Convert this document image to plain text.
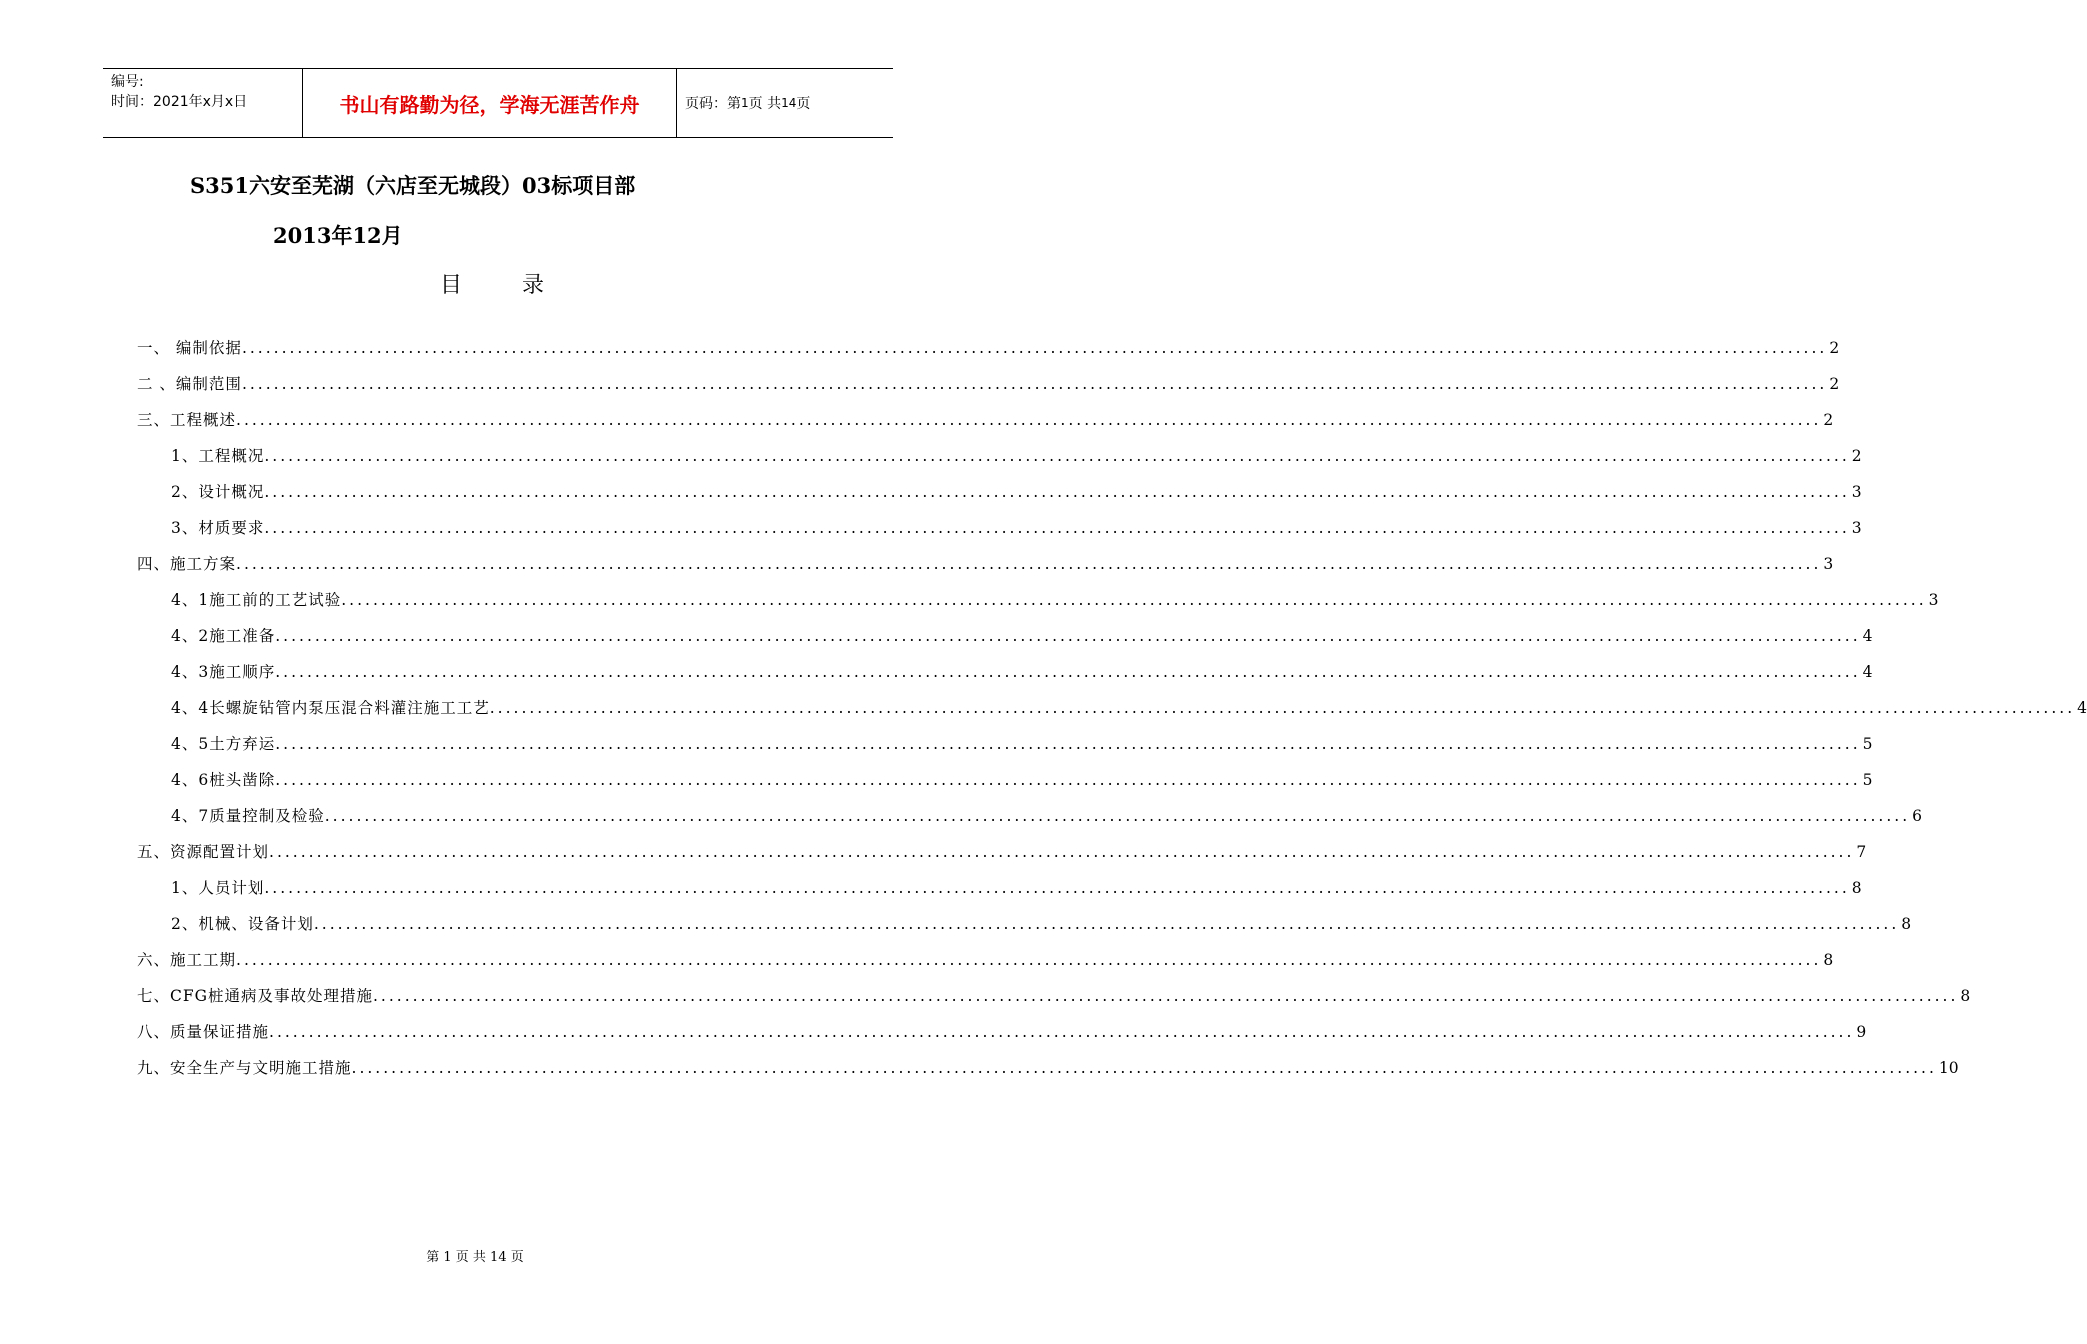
编号:
时间：2021年x月x日	书山有路勤为径，学海无涯苦作舟	页码：第 1 页 共 14 页
S351六安至芜湖（六店至无城段）03标项目部
2013年12月
目录
一、 编制依据 ........................................................................................................................................................................................................ 2
二 、编制范围 ........................................................................................................................................................................................................ 2
三、工程概述 ........................................................................................................................................................................................................ 2
1、工程概况 ........................................................................................................................................................................................................ 2
2、设计概况 ........................................................................................................................................................................................................ 3
3、材质要求 ........................................................................................................................................................................................................ 3
四、施工方案 ........................................................................................................................................................................................................ 3
4、1施工前的工艺试验 ........................................................................................................................................................................................................ 3
4、2施工准备 ........................................................................................................................................................................................................ 4
4、3施工顺序 ........................................................................................................................................................................................................ 4
4、4长螺旋钻管内泵压混合料灌注施工工艺 ........................................................................................................................................................................................................ 4
4、5土方弃运 ........................................................................................................................................................................................................ 5
4、6桩头凿除 ........................................................................................................................................................................................................ 5
4、7质量控制及检验 ........................................................................................................................................................................................................ 6
五、资源配置计划 ........................................................................................................................................................................................................ 7
1、人员计划 ........................................................................................................................................................................................................ 8
2、机械、设备计划 ........................................................................................................................................................................................................ 8
六、施工工期 ........................................................................................................................................................................................................ 8
七、CFG桩通病及事故处理措施 ........................................................................................................................................................................................................ 8
八、质量保证措施 ........................................................................................................................................................................................................ 9
九、安全生产与文明施工措施 ........................................................................................................................................................................................................ 10
第 1 页 共 14 页
